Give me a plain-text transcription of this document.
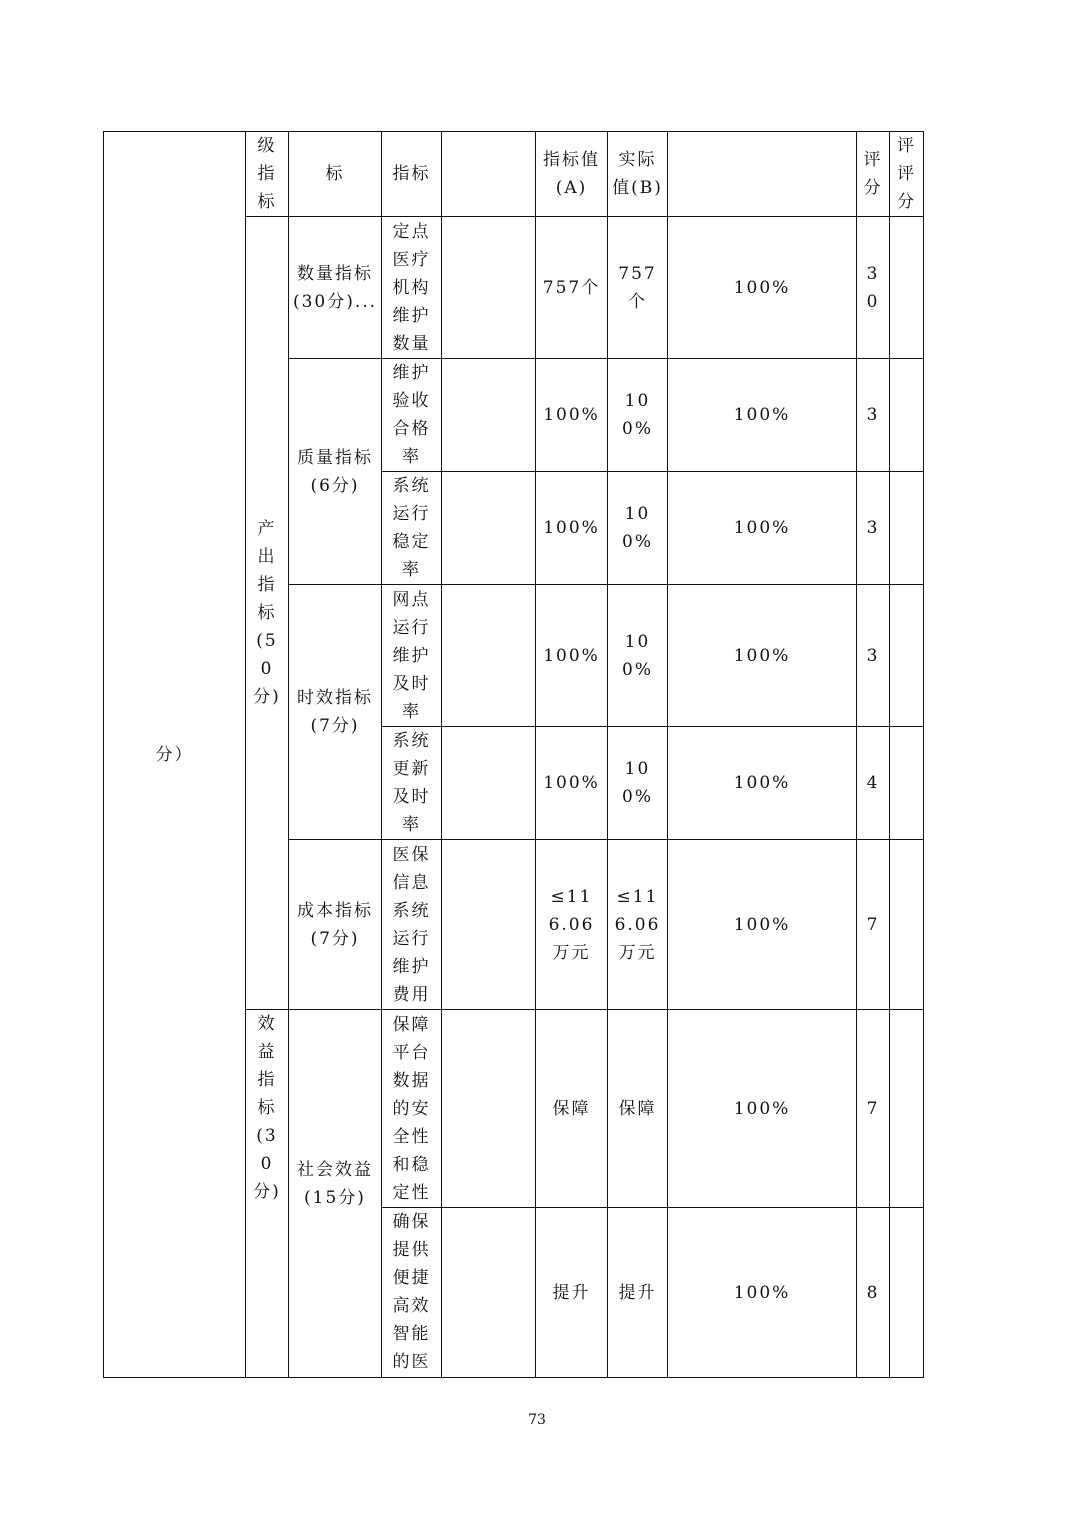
分）	级指标	标	指标		指标值(A)	实际值(B)		评分	评评分
	产出指标(50分)	数量指标(30分)...	定点医疗机构维护数量		757个	757个	100%	30	
		质量指标(6分)	维护验收合格率		100%	100%	100%	3	
			系统运行稳定率		100%	100%	100%	3	
		时效指标(7分)	网点运行维护及时率		100%	100%	100%	3	
			系统更新及时率		100%	100%	100%	4	
		成本指标(7分)	医保信息系统运行维护费用		≤116.06万元	≤116.06万元	100%	7	
	效益指标(30分)	社会效益(15分)	保障平台数据的安全性和稳定性		保障	保障	100%	7	
			确保提供便捷高效智能的医		提升	提升	100%	8	
73
